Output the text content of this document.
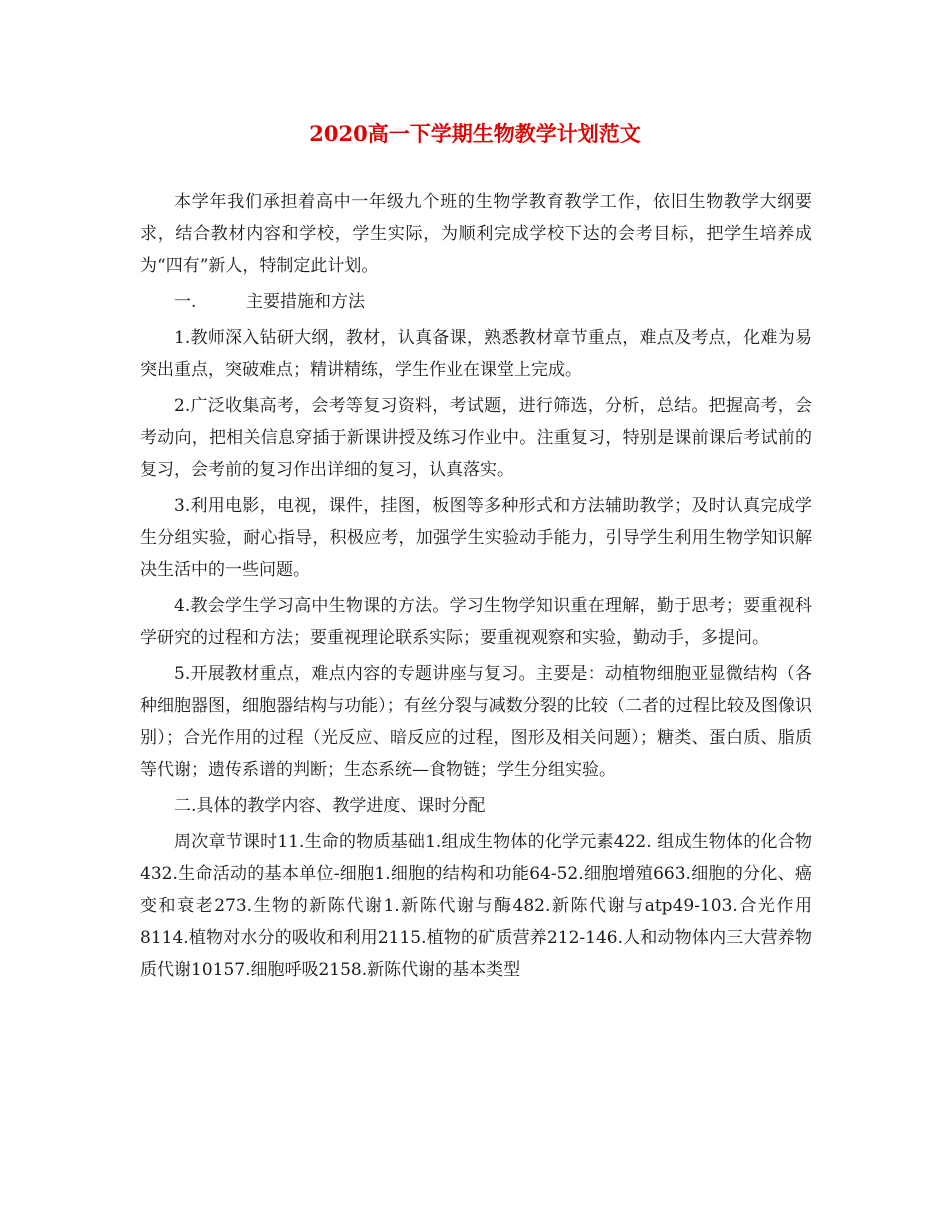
2020高一下学期生物教学计划范文

本学年我们承担着高中一年级九个班的生物学教育教学工作，依旧生物教学大纲要求，结合教材内容和学校，学生实际，为顺利完成学校下达的会考目标，把学生培养成为“四有”新人，特制定此计划。

一.	主要措施和方法

1.教师深入钻研大纲，教材，认真备课，熟悉教材章节重点，难点及考点，化难为易突出重点，突破难点；精讲精练，学生作业在课堂上完成。

2.广泛收集高考，会考等复习资料，考试题，进行筛选，分析，总结。把握高考，会考动向，把相关信息穿插于新课讲授及练习作业中。注重复习，特别是课前课后考试前的复习，会考前的复习作出详细的复习，认真落实。

3.利用电影，电视，课件，挂图，板图等多种形式和方法辅助教学；及时认真完成学生分组实验，耐心指导，积极应考，加强学生实验动手能力，引导学生利用生物学知识解决生活中的一些问题。

4.教会学生学习高中生物课的方法。学习生物学知识重在理解，勤于思考；要重视科学研究的过程和方法；要重视理论联系实际；要重视观察和实验，勤动手，多提问。

5.开展教材重点，难点内容的专题讲座与复习。主要是：动植物细胞亚显微结构（各种细胞器图，细胞器结构与功能）；有丝分裂与减数分裂的比较（二者的过程比较及图像识别）；合光作用的过程（光反应、暗反应的过程，图形及相关问题）；糖类、蛋白质、脂质等代谢；遗传系谱的判断；生态系统—食物链；学生分组实验。

二.具体的教学内容、教学进度、课时分配

周次章节课时11.生命的物质基础1.组成生物体的化学元素422. 组成生物体的化合物432.生命活动的基本单位-细胞1.细胞的结构和功能64-52.细胞增殖663.细胞的分化、癌变和衰老273.生物的新陈代谢1.新陈代谢与酶482.新陈代谢与atp49-103.合光作用8114.植物对水分的吸收和利用2115.植物的矿质营养212-146.人和动物体内三大营养物质代谢10157.细胞呼吸2158.新陈代谢的基本类型
